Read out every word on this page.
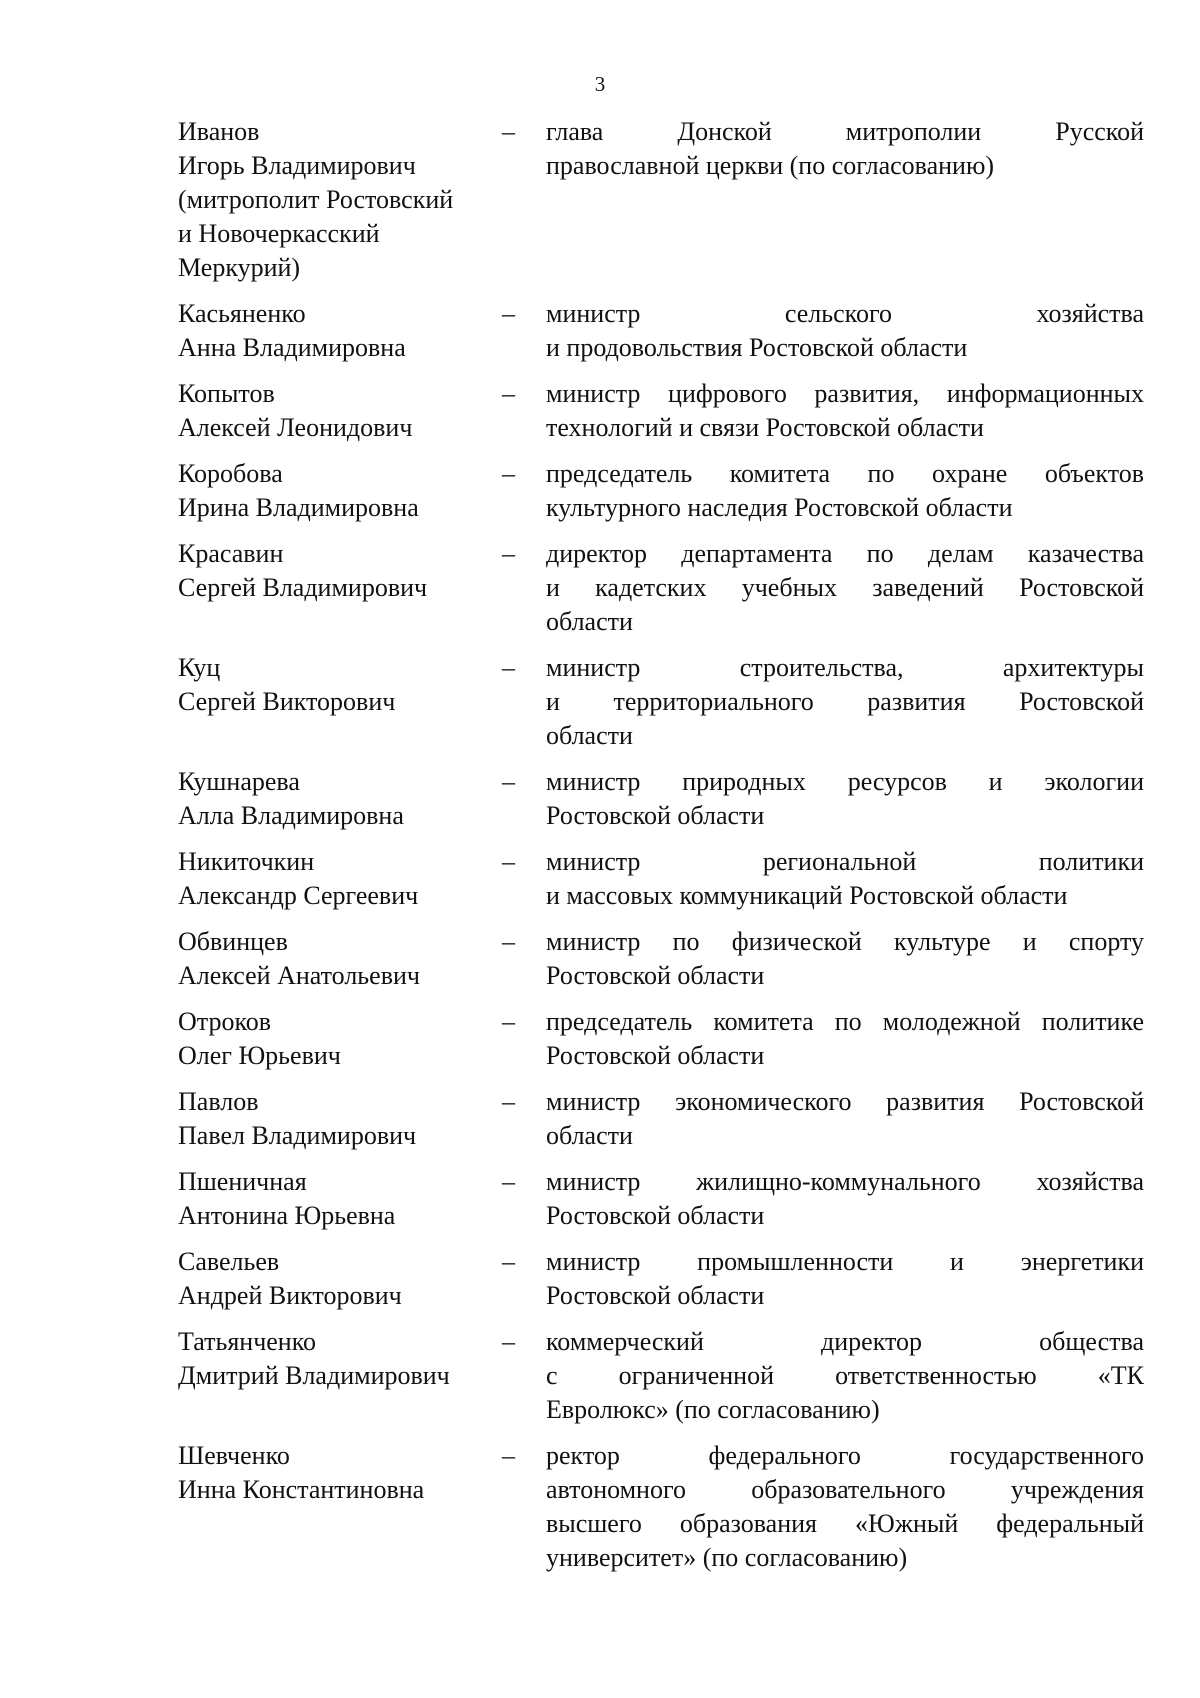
3
Иванов
Игорь Владимирович
(митрополит Ростовский
и Новочеркасский
Меркурий)
–	глава Донской митрополии Русской
православной церкви (по согласованию)
Касьяненко
Анна Владимировна
–	министр сельского хозяйства
и продовольствия Ростовской области
Копытов
Алексей Леонидович
–	министр цифрового развития, информационных
технологий и связи Ростовской области
Коробова
Ирина Владимировна
–	председатель комитета по охране объектов
культурного наследия Ростовской области
Красавин
Сергей Владимирович
–	директор департамента по делам казачества
и кадетских учебных заведений Ростовской
области
Куц
Сергей Викторович
–	министр строительства, архитектуры
и территориального развития Ростовской
области
Кушнарева
Алла Владимировна
–	министр природных ресурсов и экологии
Ростовской области
Никиточкин
Александр Сергеевич
–	министр региональной политики
и массовых коммуникаций Ростовской области
Обвинцев
Алексей Анатольевич
–	министр по физической культуре и спорту
Ростовской области
Отроков
Олег Юрьевич
–	председатель комитета по молодежной политике
Ростовской области
Павлов
Павел Владимирович
–	министр экономического развития Ростовской
области
Пшеничная
Антонина Юрьевна
–	министр жилищно-коммунального хозяйства
Ростовской области
Савельев
Андрей Викторович
–	министр промышленности и энергетики
Ростовской области
Татьянченко
Дмитрий Владимирович
–	коммерческий директор общества
с ограниченной ответственностью «ТК
Евролюкс» (по согласованию)
Шевченко
Инна Константиновна
–	ректор федерального государственного
автономного образовательного учреждения
высшего образования «Южный федеральный
университет» (по согласованию)
